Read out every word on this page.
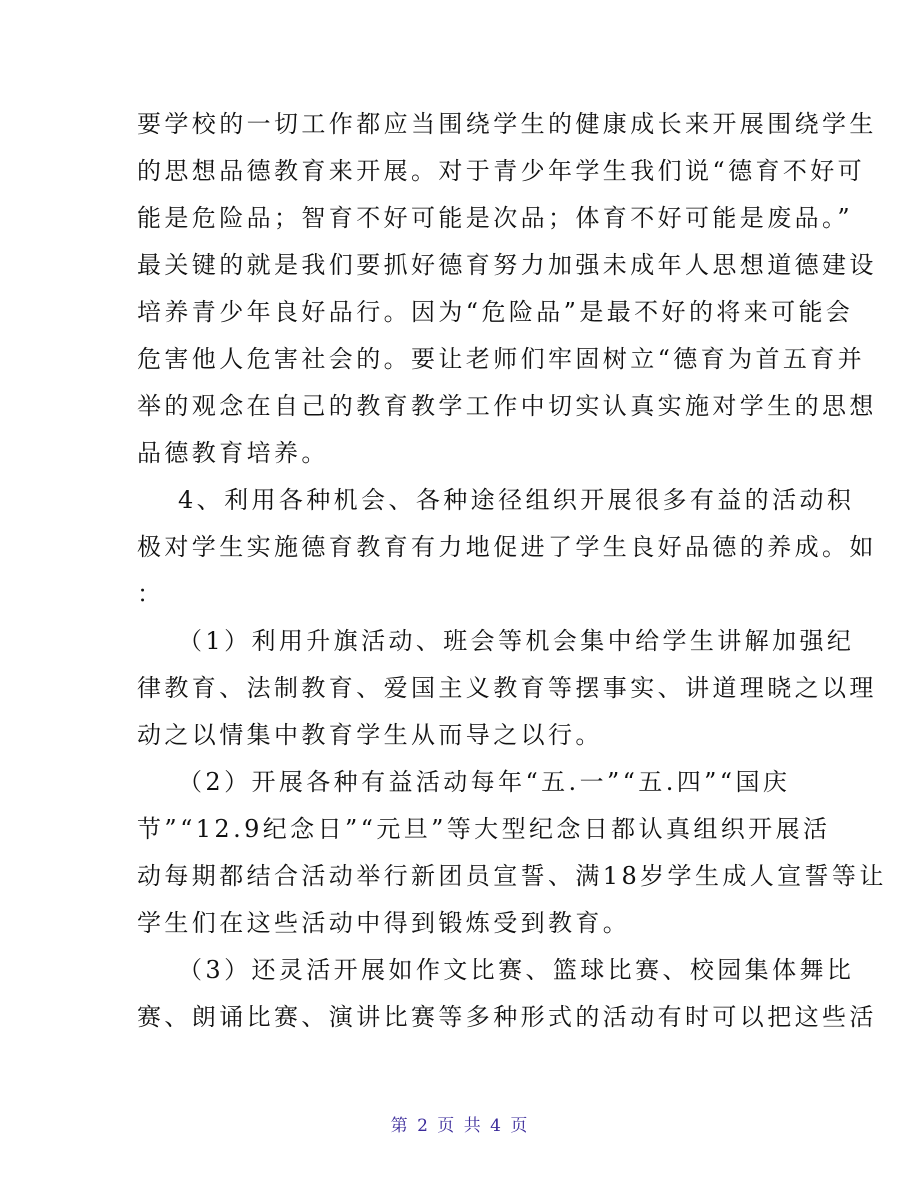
要学校的一切工作都应当围绕学生的健康成长来开展围绕学生
的思想品德教育来开展。对于青少年学生我们说“德育不好可
能是危险品；智育不好可能是次品；体育不好可能是废品。”
最关键的就是我们要抓好德育努力加强未成年人思想道德建设
培养青少年良好品行。因为“危险品”是最不好的将来可能会
危害他人危害社会的。要让老师们牢固树立“德育为首五育并
举的观念在自己的教育教学工作中切实认真实施对学生的思想
品德教育培养。
4、利用各种机会、各种途径组织开展很多有益的活动积
极对学生实施德育教育有力地促进了学生良好品德的养成。如
：
（1）利用升旗活动、班会等机会集中给学生讲解加强纪
律教育、法制教育、爱国主义教育等摆事实、讲道理晓之以理
动之以情集中教育学生从而导之以行。
（2）开展各种有益活动每年“五.一”“五.四”“国庆
节”“12.9纪念日”“元旦”等大型纪念日都认真组织开展活
动每期都结合活动举行新团员宣誓、满18岁学生成人宣誓等让
学生们在这些活动中得到锻炼受到教育。
（3）还灵活开展如作文比赛、篮球比赛、校园集体舞比
赛、朗诵比赛、演讲比赛等多种形式的活动有时可以把这些活
第 2 页 共 4 页
